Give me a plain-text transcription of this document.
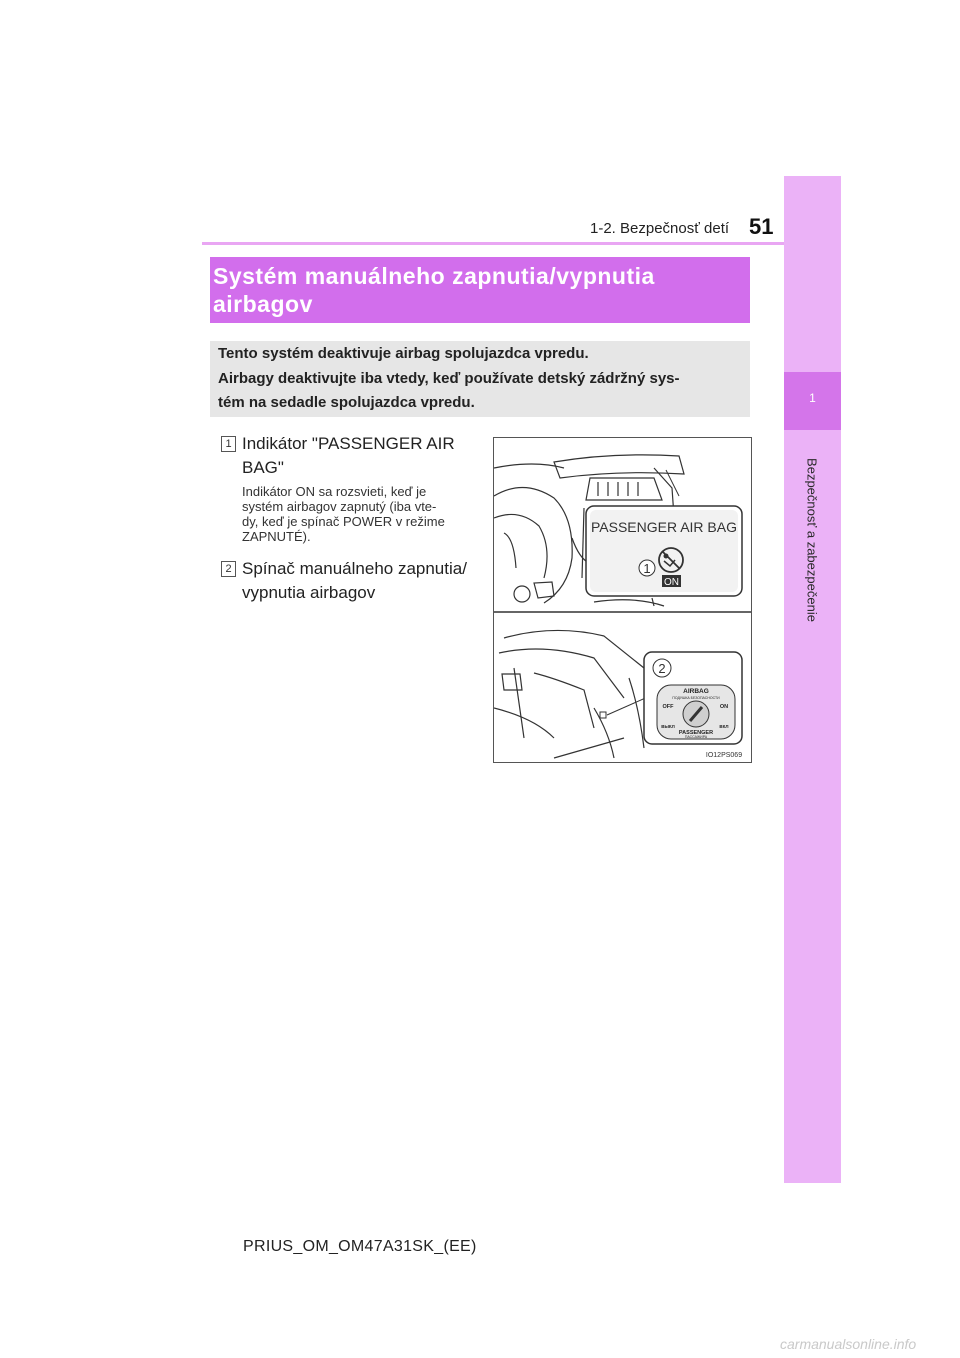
1-2. Bezpečnosť detí 51
1
Bezpečnosť a zabezpečenie
Systém manuálneho zapnutia/vypnutia
airbagov
Tento systém deaktivuje airbag spolujazdca vpredu.
Airbagy deaktivujte iba vtedy, keď používate detský zádržný sys-
tém na sedadle spolujazdca vpredu.
1 Indikátor "PASSENGER AIR
BAG"
Indikátor ON sa rozsvieti, keď je
systém airbagov zapnutý (iba vte-
dy, keď je spínač POWER v režime
ZAPNUTÉ).
2 Spínač manuálneho zapnutia/
vypnutia airbagov
PASSENGER AIR BAG
ON
1
2
AIRBAG
ПОДУШКА БЕЗОПАСНОСТИ
OFF	ON
ВЫКЛ	ВКЛ
PASSENGER
ПАССАЖИРА
IO12PS069
PRIUS_OM_OM47A31SK_(EE)
carmanualsonline.info
